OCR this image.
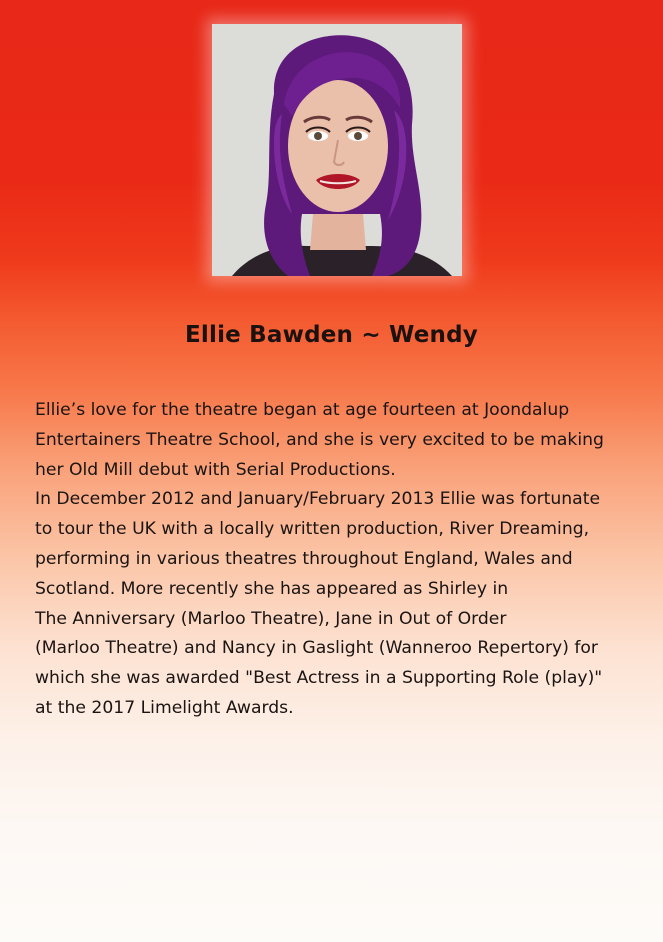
Ellie Bawden ~ Wendy
Ellie’s love for the theatre began at age fourteen at Joondalup
Entertainers Theatre School, and she is very excited to be making
her Old Mill debut with Serial Productions.
In December 2012 and January/February 2013 Ellie was fortunate
to tour the UK with a locally written production, River Dreaming,
performing in various theatres throughout England, Wales and
Scotland. More recently she has appeared as Shirley in
The Anniversary (Marloo Theatre), Jane in Out of Order
(Marloo Theatre) and Nancy in Gaslight (Wanneroo Repertory) for
which she was awarded "Best Actress in a Supporting Role (play)"
at the 2017 Limelight Awards.
